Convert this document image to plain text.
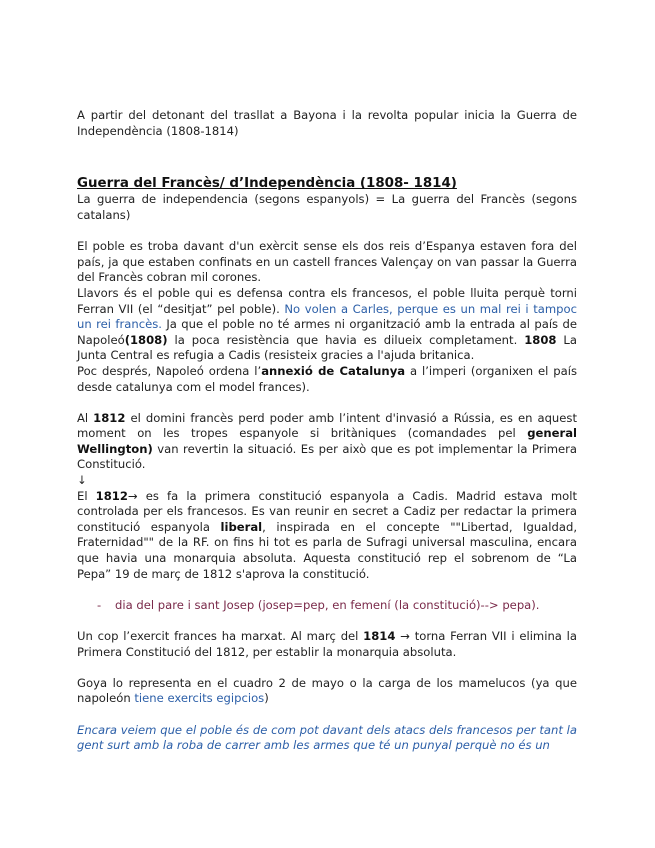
A partir del detonant del trasllat a Bayona i la revolta popular inicia la Guerra de Independència (1808-1814)

Guerra del Francès/ d’Independència (1808- 1814)

La guerra de independencia (segons espanyols) = La guerra del Francès (segons catalans)

El poble es troba davant d'un exèrcit sense els dos reis d’Espanya estaven fora del país, ja que estaben confinats en un castell frances Valençay on van passar la Guerra del Francès cobran mil corones.

Llavors és el poble qui es defensa contra els francesos, el poble lluita perquè torni Ferran VII (el “desitjat” pel poble). No volen a Carles, perque es un mal rei i tampoc un rei francès. Ja que el poble no té armes ni organització amb la entrada al país de Napoleó(1808) la poca resistència que havia es dilueix completament. 1808 La Junta Central es refugia a Cadis (resisteix gracies a l'ajuda britanica.

Poc després, Napoleó ordena l’annexió de Catalunya a l’imperi (organixen el país desde catalunya com el model frances).

Al 1812 el domini francès perd poder amb l’intent d'invasió a Rússia, es en aquest moment on les tropes espanyole si britàniques (comandades pel general Wellington) van revertin la situació. Es per això que es pot implementar la Primera Constitució.

↓

El 1812→ es fa la primera constitució espanyola a Cadis. Madrid estava molt controlada per els francesos. Es van reunir en secret a Cadiz per redactar la primera constitució espanyola liberal, inspirada en el concepte ""Libertad, Igualdad, Fraternidad"" de la RF. on fins hi tot es parla de Sufragi universal masculina, encara que havia una monarquia absoluta. Aquesta constitució rep el sobrenom de “La Pepa” 19 de març de 1812 s'aprova la constitució.

-	dia del pare i sant Josep (josep=pep, en femení (la constitució)--> pepa).

Un cop l’exercit frances ha marxat. Al març del 1814 → torna Ferran VII i elimina la Primera Constitució del 1812, per establir la monarquia absoluta.

Goya lo representa en el cuadro 2 de mayo o la carga de los mamelucos (ya que napoleón tiene exercits egipcios)

Encara veiem que el poble és de com pot davant dels atacs dels francesos per tant la gent surt amb la roba de carrer amb les armes que té un punyal perquè no és un
